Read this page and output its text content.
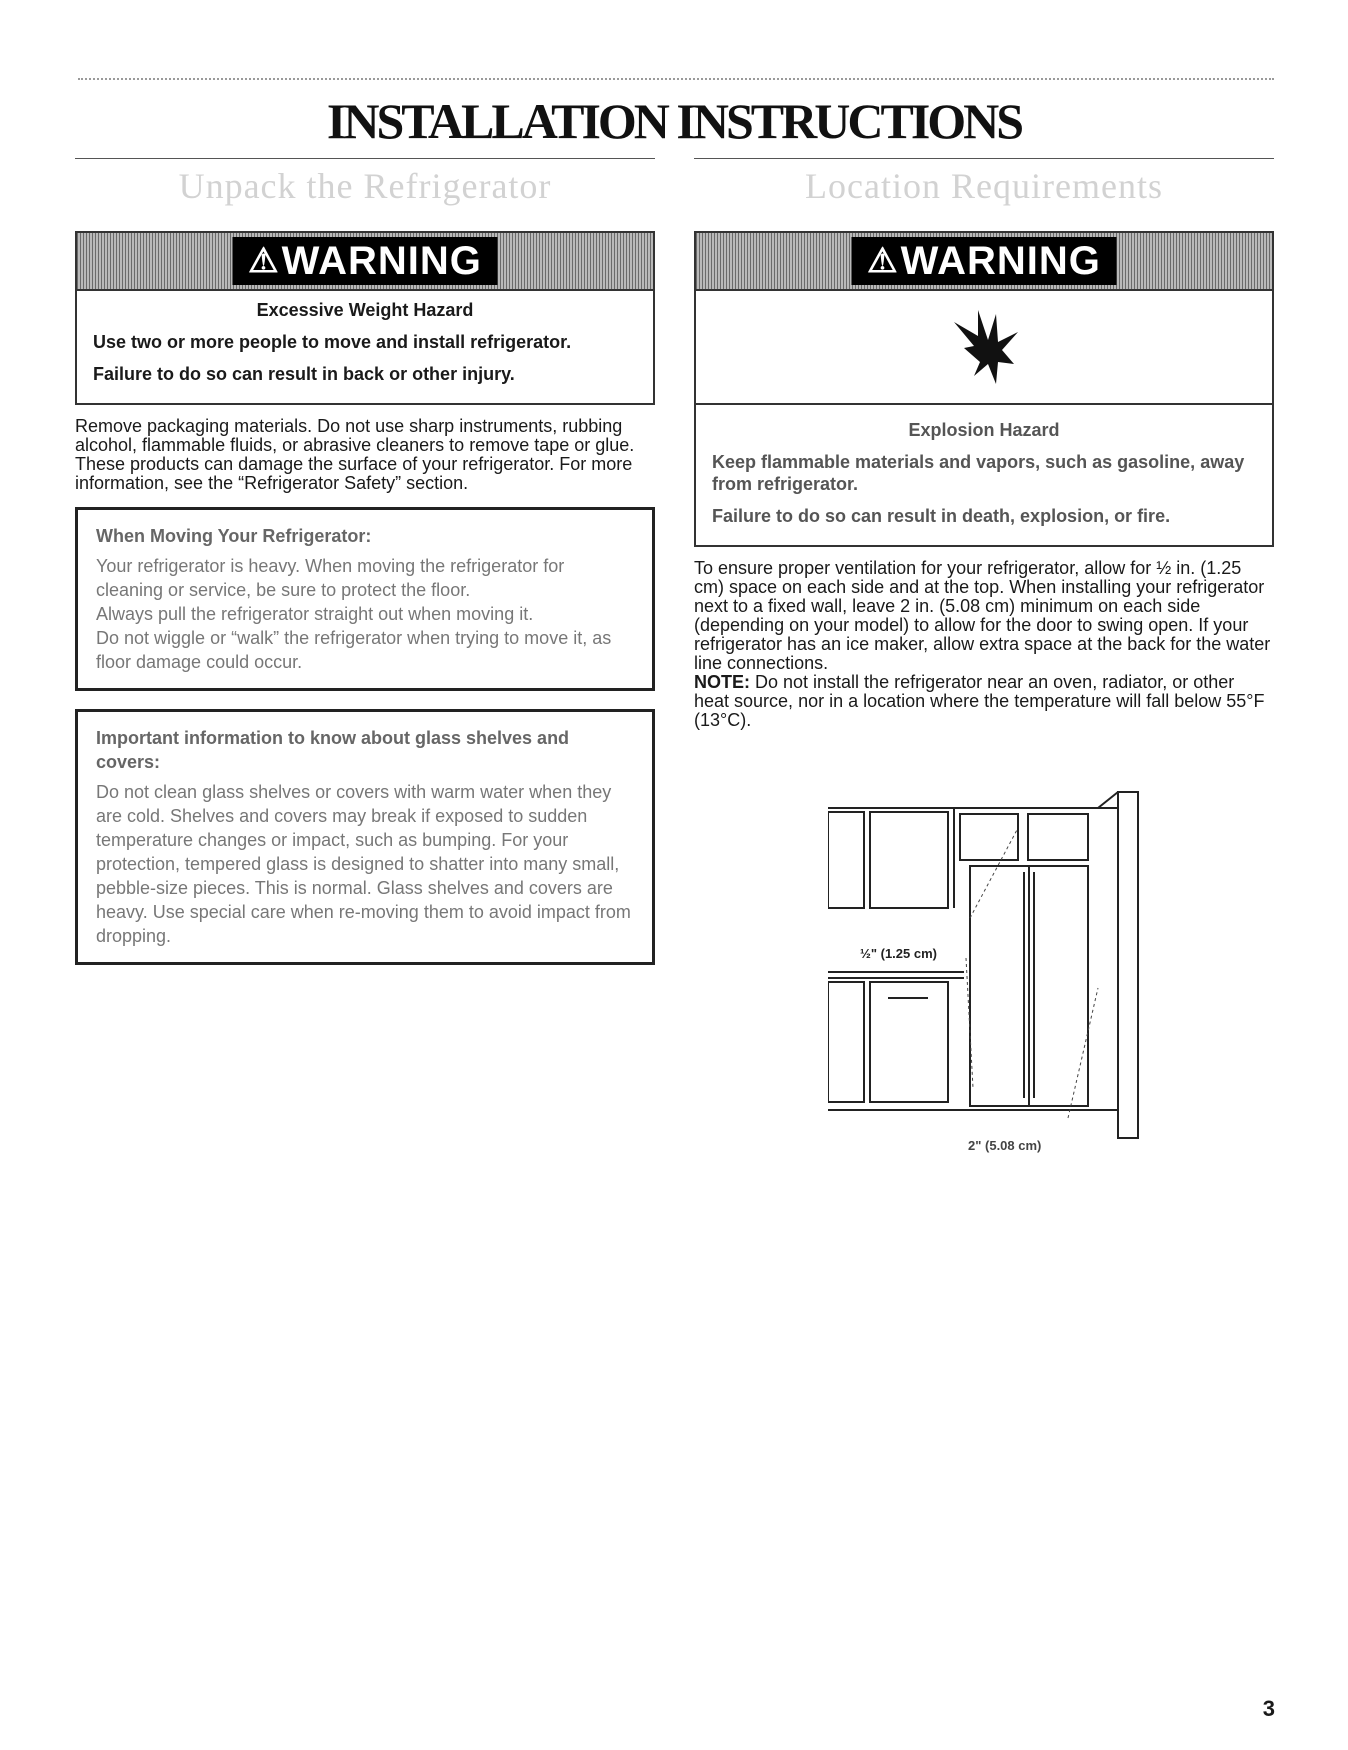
INSTALLATION INSTRUCTIONS
Unpack the Refrigerator
⚠ WARNING

Excessive Weight Hazard

Use two or more people to move and install refrigerator.

Failure to do so can result in back or other injury.

Remove packaging materials. Do not use sharp instruments, rubbing alcohol, flammable fluids, or abrasive cleaners to remove tape or glue. These products can damage the surface of your refrigerator. For more information, see the “Refrigerator Safety” section.

When Moving Your Refrigerator:

Your refrigerator is heavy. When moving the refrigerator for cleaning or service, be sure to protect the floor.

Always pull the refrigerator straight out when moving it.

Do not wiggle or “walk” the refrigerator when trying to move it, as floor damage could occur.

Important information to know about glass shelves and covers:

Do not clean glass shelves or covers with warm water when they are cold. Shelves and covers may break if exposed to sudden temperature changes or impact, such as bumping. For your protection, tempered glass is designed to shatter into many small, pebble-size pieces. This is normal. Glass shelves and covers are heavy. Use special care when re-moving them to avoid impact from dropping.

Location Requirements
⚠ WARNING

Explosion Hazard

Keep flammable materials and vapors, such as gasoline, away from refrigerator.

Failure to do so can result in death, explosion, or fire.

To ensure proper ventilation for your refrigerator, allow for ½ in. (1.25 cm) space on each side and at the top. When installing your refrigerator next to a fixed wall, leave 2 in. (5.08 cm) minimum on each side (depending on your model) to allow for the door to swing open. If your refrigerator has an ice maker, allow extra space at the back for the water line connections.

NOTE: Do not install the refrigerator near an oven, radiator, or other heat source, nor in a location where the temperature will fall below 55°F (13°C).

½" (1.25 cm)
2" (5.08 cm)
3
